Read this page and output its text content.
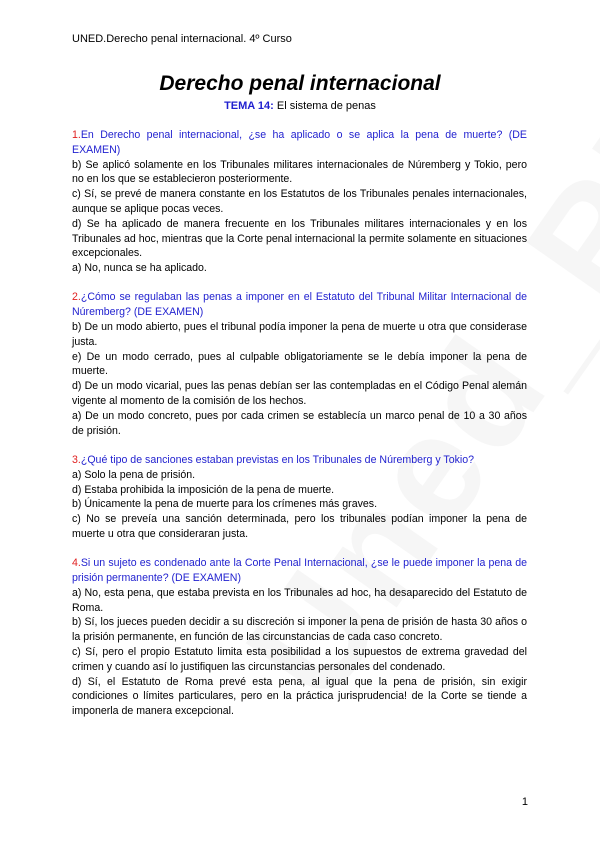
UNED.Derecho penal internacional. 4º Curso
Derecho penal internacional
TEMA 14: El sistema de penas
1.En Derecho penal internacional, ¿se ha aplicado o se aplica la pena de muerte? (DE EXAMEN)
b) Se aplicó solamente en los Tribunales militares internacionales de Núremberg y Tokio, pero no en los que se establecieron posteriormente.
c) Sí, se prevé de manera constante en los Estatutos de los Tribunales penales internacionales, aunque se aplique pocas veces.
d) Se ha aplicado de manera frecuente en los Tribunales militares internacionales y en los Tribunales ad hoc, mientras que la Corte penal internacional la permite solamente en situaciones excepcionales.
a) No, nunca se ha aplicado.
2.¿Cómo se regulaban las penas a imponer en el Estatuto del Tribunal Militar Internacional de Núremberg? (DE EXAMEN)
b) De un modo abierto, pues el tribunal podía imponer la pena de muerte u otra que considerase justa.
e) De un modo cerrado, pues al culpable obligatoriamente se le debía imponer la pena de muerte.
d) De un modo vicarial, pues las penas debían ser las contempladas en el Código Penal alemán vigente al momento de la comisión de los hechos.
a) De un modo concreto, pues por cada crimen se establecía un marco penal de 10 a 30 años de prisión.
3.¿Qué tipo de sanciones estaban previstas en los Tribunales de Núremberg y Tokio?
a) Solo la pena de prisión.
d) Estaba prohibida la imposición de la pena de muerte.
b) Únicamente la pena de muerte para los crímenes más graves.
c) No se preveía una sanción determinada, pero los tribunales podían imponer la pena de muerte u otra que consideraran justa.
4.Si un sujeto es condenado ante la Corte Penal Internacional, ¿se le puede imponer la pena de prisión permanente? (DE EXAMEN)
a) No, esta pena, que estaba prevista en los Tribunales ad hoc, ha desaparecido del Estatuto de Roma.
b) Sí, los jueces pueden decidir a su discreción si imponer la pena de prisión de hasta 30 años o la prisión permanente, en función de las circunstancias de cada caso concreto.
c) Sí, pero el propio Estatuto limita esta posibilidad a los supuestos de extrema gravedad del crimen y cuando así lo justifiquen las circunstancias personales del condenado.
d) Sí, el Estatuto de Roma prevé esta pena, al igual que la pena de prisión, sin exigir condiciones o límites particulares, pero en la práctica jurisprudencia! de la Corte se tiende a imponerla de manera excepcional.
1
